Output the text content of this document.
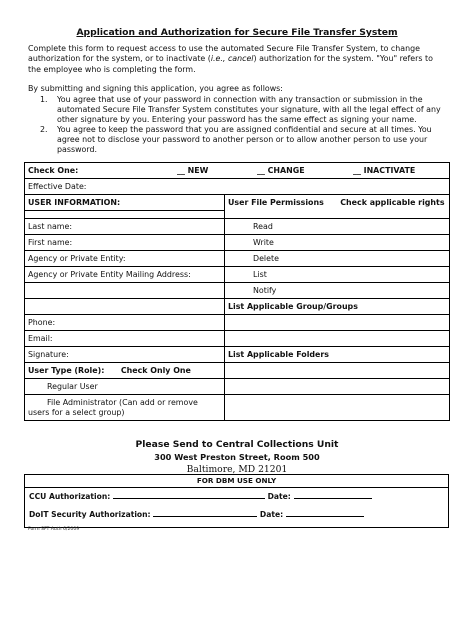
Application and Authorization for Secure File Transfer System
Complete this form to request access to use the automated Secure File Transfer System, to change authorization for the system, or to inactivate (i.e., cancel) authorization for the system. "You" refers to the employee who is completing the form.
By submitting and signing this application, you agree as follows:
1. You agree that use of your password in connection with any transaction or submission in the automated Secure File Transfer System constitutes your signature, with all the legal effect of any other signature by you. Entering your password has the same effect as signing your name.
2. You agree to keep the password that you are assigned confidential and secure at all times. You agree not to disclose your password to another person or to allow another person to use your password.
Check One: __ NEW __ CHANGE __ INACTIVATE	

Effective Date:	
USER INFORMATION:	User File Permissions Check applicable rights

Last name:	Read
First name:	Write
Agency or Private Entity:	Delete
Agency or Private Entity Mailing Address:	List
	Notify
	List Applicable Group/Groups
Phone:	
Email:	
Signature:	List Applicable Folders
User Type (Role): Check Only One	
Regular User	
File Administrator (Can add or remove users for a select group)	
Please Send to Central Collections Unit
300 West Preston Street, Room 500
Baltimore, MD 21201
FOR DBM USE ONLY
CCU Authorization:	Date:
DoIT Security Authorization:	Date:
Form SFT Auth 6/2009
